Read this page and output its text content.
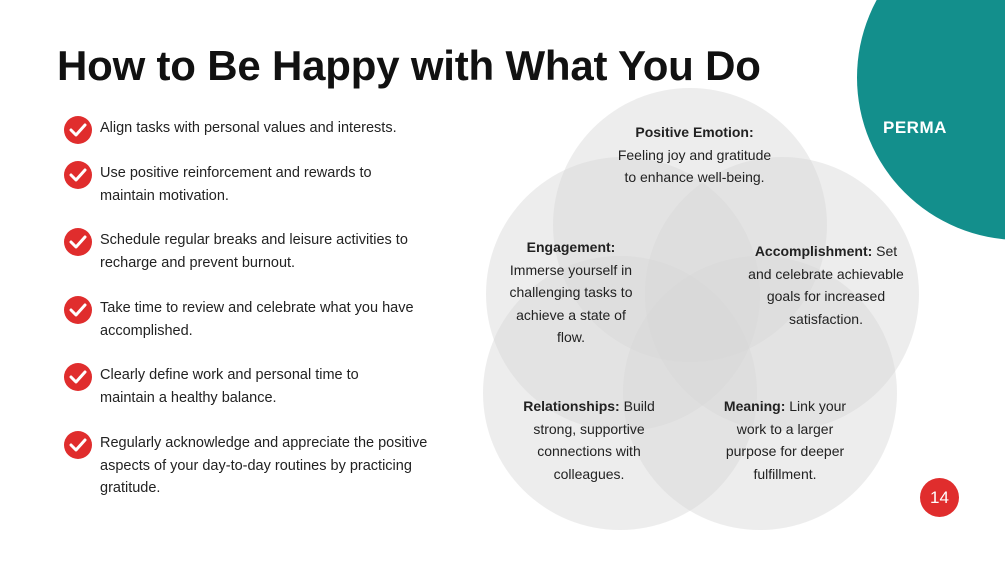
PERMA
How to Be Happy with What You Do
Align tasks with personal values and interests.
Use positive reinforcement and rewards to maintain motivation.
Schedule regular breaks and leisure activities to recharge and prevent burnout.
Take time to review and celebrate what you have accomplished.
Clearly define work and personal time to maintain a healthy balance.
Regularly acknowledge and appreciate the positive aspects of your day-to-day routines by practicing gratitude.
Positive Emotion:
Feeling joy and gratitude to enhance well-being.
Engagement:
Immerse yourself in challenging tasks to achieve a state of flow.
Accomplishment: Set and celebrate achievable goals for increased satisfaction.
Relationships: Build strong, supportive connections with colleagues.
Meaning: Link your work to a larger purpose for deeper fulfillment.
14
